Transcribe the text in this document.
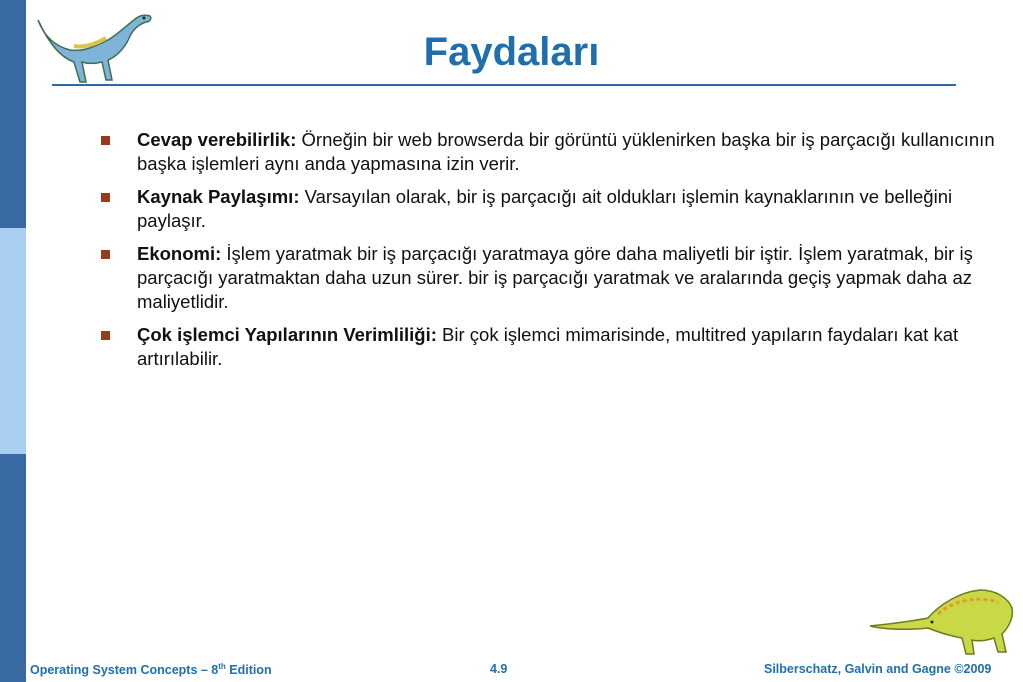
Faydaları
Cevap verebilirlik: Örneğin bir web browserda bir görüntü yüklenirken başka bir iş parçacığı kullanıcının başka işlemleri aynı anda yapmasına izin verir.
Kaynak Paylaşımı: Varsayılan olarak, bir iş parçacığı ait oldukları işlemin kaynaklarının ve belleğini paylaşır.
Ekonomi: İşlem yaratmak bir iş parçacığı yaratmaya göre daha maliyetli bir iştir. İşlem yaratmak, bir iş parçacığı yaratmaktan daha uzun sürer. bir iş parçacığı yaratmak ve aralarında geçiş yapmak daha az maliyetlidir.
Çok işlemci Yapılarının Verimliliği: Bir çok işlemci mimarisinde, multitred yapıların faydaları kat kat artırılabilir.
Operating System Concepts – 8th Edition	4.9	Silberschatz, Galvin and Gagne ©2009
